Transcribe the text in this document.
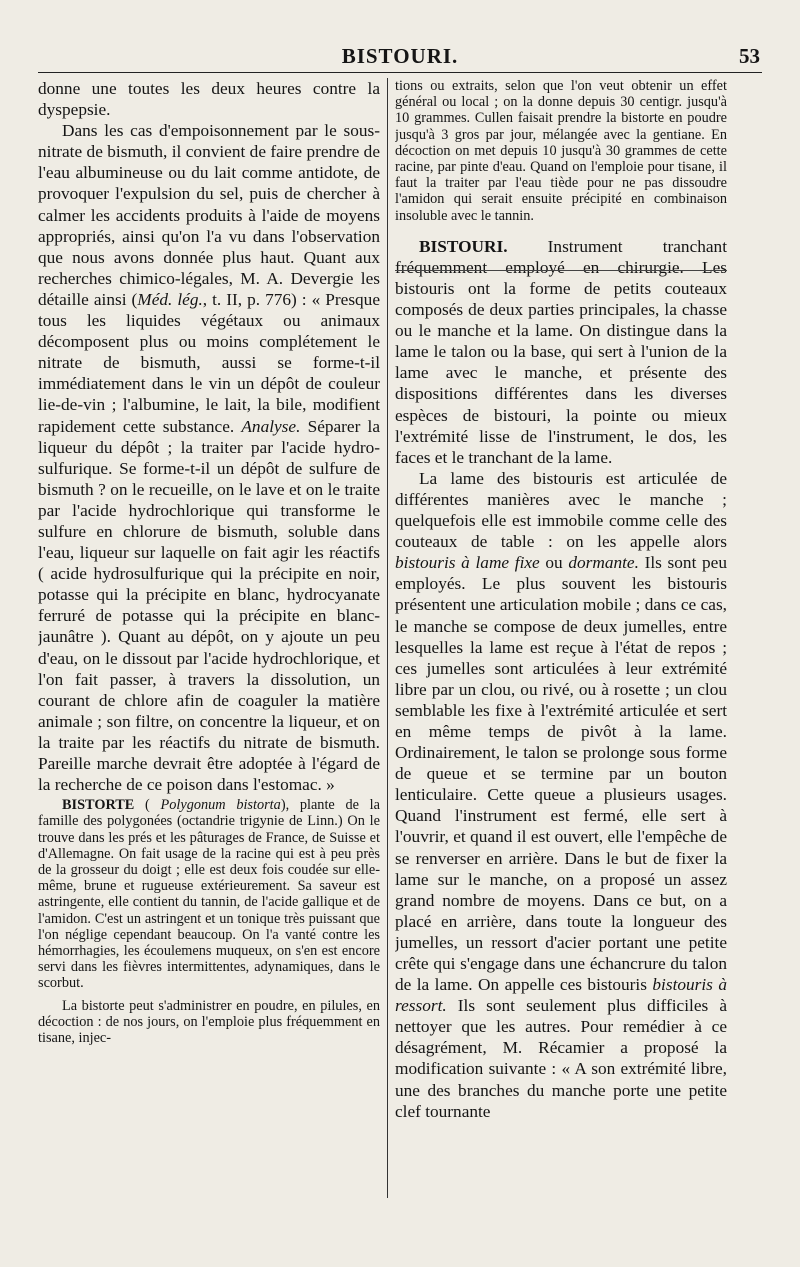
BISTOURI.	53

donne une toutes les deux heures contre la dyspepsie.

Dans les cas d'empoisonnement par le sous-nitrate de bismuth, il convient de faire prendre de l'eau albumineuse ou du lait comme antidote, de provoquer l'expulsion du sel, puis de chercher à calmer les accidents produits à l'aide de moyens appropriés, ainsi qu'on l'a vu dans l'observation que nous avons donnée plus haut. Quant aux recherches chimico-légales, M. A. Devergie les détaille ainsi (Méd. lég., t. II, p. 776) : « Presque tous les liquides végétaux ou animaux décomposent plus ou moins complétement le nitrate de bismuth, aussi se forme-t-il immédiatement dans le vin un dépôt de couleur lie-de-vin ; l'albumine, le lait, la bile, modifient rapidement cette substance. Analyse. Séparer la liqueur du dépôt ; la traiter par l'acide hydro-sulfurique. Se forme-t-il un dépôt de sulfure de bismuth ? on le recueille, on le lave et on le traite par l'acide hydrochlorique qui transforme le sulfure en chlorure de bismuth, soluble dans l'eau, liqueur sur laquelle on fait agir les réactifs ( acide hydrosulfurique qui la précipite en noir, potasse qui la précipite en blanc, hydrocyanate ferruré de potasse qui la précipite en blanc-jaunâtre ). Quant au dépôt, on y ajoute un peu d'eau, on le dissout par l'acide hydrochlorique, et l'on fait passer, à travers la dissolution, un courant de chlore afin de coaguler la matière animale ; son filtre, on concentre la liqueur, et on la traite par les réactifs du nitrate de bismuth. Pareille marche devrait être adoptée à l'égard de la recherche de ce poison dans l'estomac. »

BISTORTE ( Polygonum bistorta), plante de la famille des polygonées (octandrie trigynie de Linn.) On le trouve dans les prés et les pâturages de France, de Suisse et d'Allemagne. On fait usage de la racine qui est à peu près de la grosseur du doigt ; elle est deux fois coudée sur elle-même, brune et rugueuse extérieurement. Sa saveur est astringente, elle contient du tannin, de l'acide gallique et de l'amidon. C'est un astringent et un tonique très puissant que l'on néglige cependant beaucoup. On l'a vanté contre les hémorrhagies, les écoulemens muqueux, on s'en est encore servi dans les fièvres intermittentes, adynamiques, dans le scorbut.

La bistorte peut s'administrer en poudre, en pilules, en décoction : de nos jours, on l'emploie plus fréquemment en tisane, injec-

tions ou extraits, selon que l'on veut obtenir un effet général ou local ; on la donne depuis 30 centigr. jusqu'à 10 grammes. Cullen faisait prendre la bistorte en poudre jusqu'à 3 gros par jour, mélangée avec la gentiane. En décoction on met depuis 10 jusqu'à 30 grammes de cette racine, par pinte d'eau. Quand on l'emploie pour tisane, il faut la traiter par l'eau tiède pour ne pas dissoudre l'amidon qui serait ensuite précipité en combinaison insoluble avec le tannin.

BISTOURI. Instrument tranchant fréquemment employé en chirurgie. Les bistouris ont la forme de petits couteaux composés de deux parties principales, la chasse ou le manche et la lame. On distingue dans la lame le talon ou la base, qui sert à l'union de la lame avec le manche, et présente des dispositions différentes dans les diverses espèces de bistouri, la pointe ou mieux l'extrémité lisse de l'instrument, le dos, les faces et le tranchant de la lame.

La lame des bistouris est articulée de différentes manières avec le manche ; quelquefois elle est immobile comme celle des couteaux de table : on les appelle alors bistouris à lame fixe ou dormante. Ils sont peu employés. Le plus souvent les bistouris présentent une articulation mobile ; dans ce cas, le manche se compose de deux jumelles, entre lesquelles la lame est reçue à l'état de repos ; ces jumelles sont articulées à leur extrémité libre par un clou, ou rivé, ou à rosette ; un clou semblable les fixe à l'extrémité articulée et sert en même temps de pivôt à la lame. Ordinairement, le talon se prolonge sous forme de queue et se termine par un bouton lenticulaire. Cette queue a plusieurs usages. Quand l'instrument est fermé, elle sert à l'ouvrir, et quand il est ouvert, elle l'empêche de se renverser en arrière. Dans le but de fixer la lame sur le manche, on a proposé un assez grand nombre de moyens. Dans ce but, on a placé en arrière, dans toute la longueur des jumelles, un ressort d'acier portant une petite crête qui s'engage dans une échancrure du talon de la lame. On appelle ces bistouris bistouris à ressort. Ils sont seulement plus difficiles à nettoyer que les autres. Pour remédier à ce désagrément, M. Récamier a proposé la modification suivante : « A son extrémité libre, une des branches du manche porte une petite clef tournante
